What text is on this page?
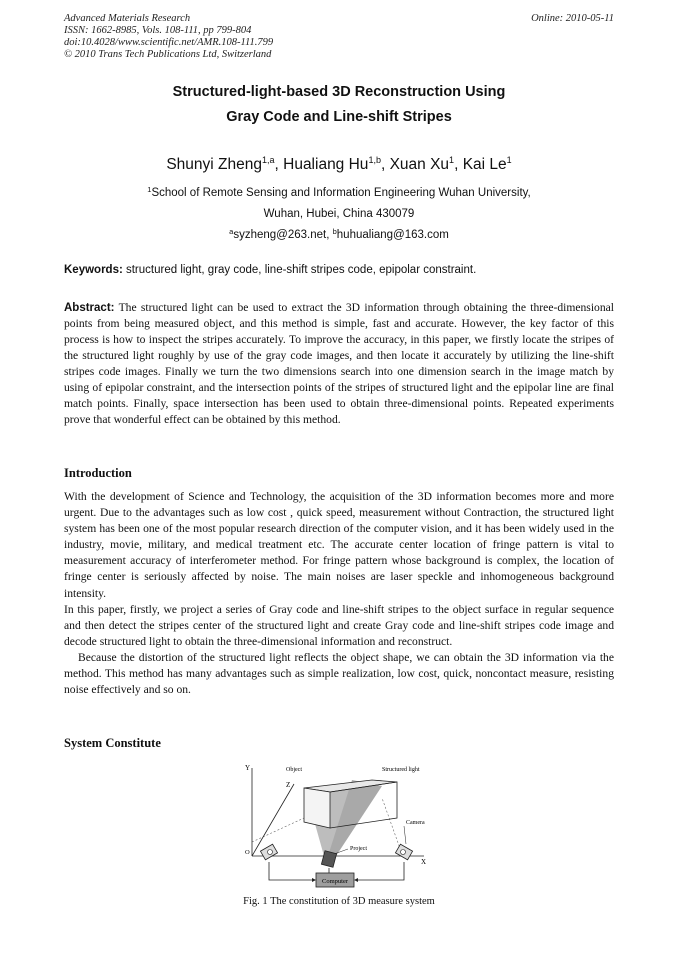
Advanced Materials Research
ISSN: 1662-8985, Vols. 108-111, pp 799-804
doi:10.4028/www.scientific.net/AMR.108-111.799
© 2010 Trans Tech Publications Ltd, Switzerland
Online: 2010-05-11
Structured-light-based 3D Reconstruction Using
Gray Code and Line-shift Stripes
Shunyi Zheng$^{1,a}$, Hualiang Hu$^{1,b}$, Xuan Xu$^1$, Kai Le$^1$
$^1$School of Remote Sensing and Information Engineering Wuhan University,
Wuhan, Hubei, China 430079
$^a$syzheng@263.net, $^b$huhualiang@163.com
Keywords: structured light, gray code, line-shift stripes code, epipolar constraint.
Abstract: The structured light can be used to extract the 3D information through obtaining the three-dimensional points from being measured object, and this method is simple, fast and accurate. However, the key factor of this process is how to inspect the stripes accurately. To improve the accuracy, in this paper, we firstly locate the stripes of the structured light roughly by use of the gray code images, and then locate it accurately by utilizing the line-shift stripes code images. Finally we turn the two dimensions search into one dimension search in the image match by using of epipolar constraint, and the intersection points of the stripes of structured light and the epipolar line are final match points. Finally, space intersection has been used to obtain three-dimensional points. Repeated experiments prove that wonderful effect can be obtained by this method.
Introduction

With the development of Science and Technology, the acquisition of the 3D information becomes more and more urgent. Due to the advantages such as low cost , quick speed, measurement without Contraction, the structured light system has been one of the most popular research direction of the computer vision, and it has been widely used in the industry, movie, military, and medical treatment etc. The accurate center location of fringe pattern is vital to measurement accuracy of interferometer method. For fringe pattern whose background is complex, the location of fringe center is seriously affected by noise. The main noises are laser speckle and inhomogeneous background intensity.

In this paper, firstly, we project a series of Gray code and line-shift stripes to the object surface in regular sequence and then detect the stripes center of the structured light and create Gray code and line-shift stripes code image and decode structured light to obtain the three-dimensional information and reconstruct.

Because the distortion of the structured light reflects the object shape, we can obtain the 3D information via the method. This method has many advantages such as simple realization, low cost, quick, noncontact measure, resisting noise effectively and so on.

System Constitute
Y
Z
X
O
Object	Structured light
Camera
Project
Computer
Fig. 1 The constitution of 3D measure system
